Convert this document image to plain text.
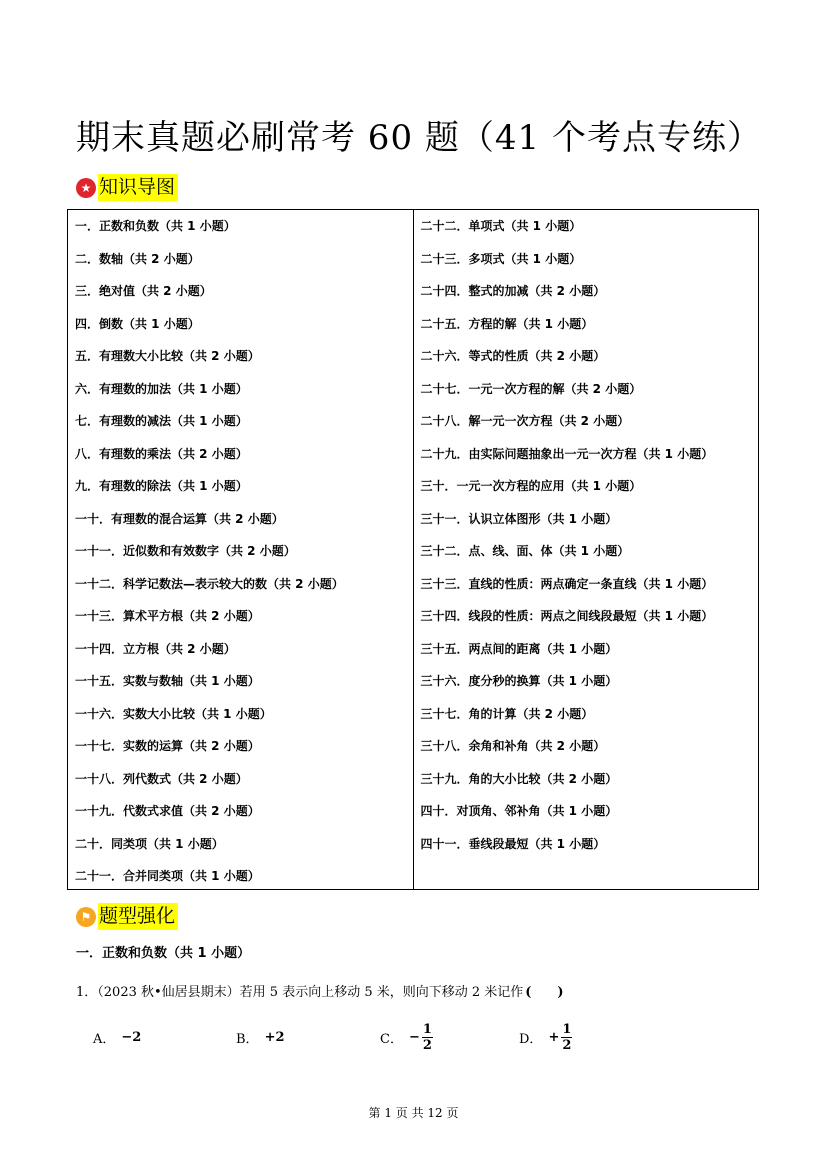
期末真题必刷常考 60 题（41 个考点专练）
★ 知识导图
一．正数和负数（共 1 小题）
二．数轴（共 2 小题）
三．绝对值（共 2 小题）
四．倒数（共 1 小题）
五．有理数大小比较（共 2 小题）
六．有理数的加法（共 1 小题）
七．有理数的减法（共 1 小题）
八．有理数的乘法（共 2 小题）
九．有理数的除法（共 1 小题）
一十．有理数的混合运算（共 2 小题）
一十一．近似数和有效数字（共 2 小题）
一十二．科学记数法—表示较大的数（共 2 小题）
一十三．算术平方根（共 2 小题）
一十四．立方根（共 2 小题）
一十五．实数与数轴（共 1 小题）
一十六．实数大小比较（共 1 小题）
一十七．实数的运算（共 2 小题）
一十八．列代数式（共 2 小题）
一十九．代数式求值（共 2 小题）
二十．同类项（共 1 小题）
二十一．合并同类项（共 1 小题）
二十二．单项式（共 1 小题）
二十三．多项式（共 1 小题）
二十四．整式的加减（共 2 小题）
二十五．方程的解（共 1 小题）
二十六．等式的性质（共 2 小题）
二十七．一元一次方程的解（共 2 小题）
二十八．解一元一次方程（共 2 小题）
二十九．由实际问题抽象出一元一次方程（共 1 小题）
三十．一元一次方程的应用（共 1 小题）
三十一．认识立体图形（共 1 小题）
三十二．点、线、面、体（共 1 小题）
三十三．直线的性质：两点确定一条直线（共 1 小题）
三十四．线段的性质：两点之间线段最短（共 1 小题）
三十五．两点间的距离（共 1 小题）
三十六．度分秒的换算（共 1 小题）
三十七．角的计算（共 2 小题）
三十八．余角和补角（共 2 小题）
三十九．角的大小比较（共 2 小题）
四十．对顶角、邻补角（共 1 小题）
四十一．垂线段最短（共 1 小题）
⚑ 题型强化
一．正数和负数（共 1 小题）
1．（2023 秋•仙居县期末）若用 5 表示向上移动 5 米，则向下移动 2 米记作 (　　)
A． −2	B． +2	C． − $\frac{1}{2}$	D． + $\frac{1}{2}$
第 1 页 共 12 页
